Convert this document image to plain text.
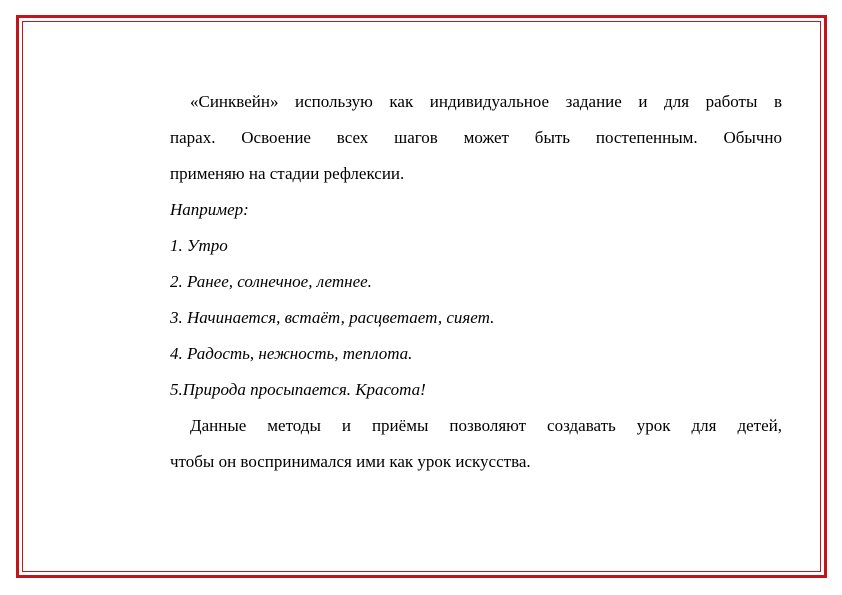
«Синквейн» использую как индивидуальное задание и для работы в
парах. Освоение всех шагов может быть постепенным. Обычно
применяю на стадии рефлексии.
Например:
1. Утро
2. Ранее, солнечное, летнее.
3. Начинается, встаёт, расцветает, сияет.
4. Радость, нежность, теплота.
5.Природа просыпается. Красота!
Данные методы и приёмы позволяют создавать урок для детей,
чтобы он воспринимался ими как урок искусства.
